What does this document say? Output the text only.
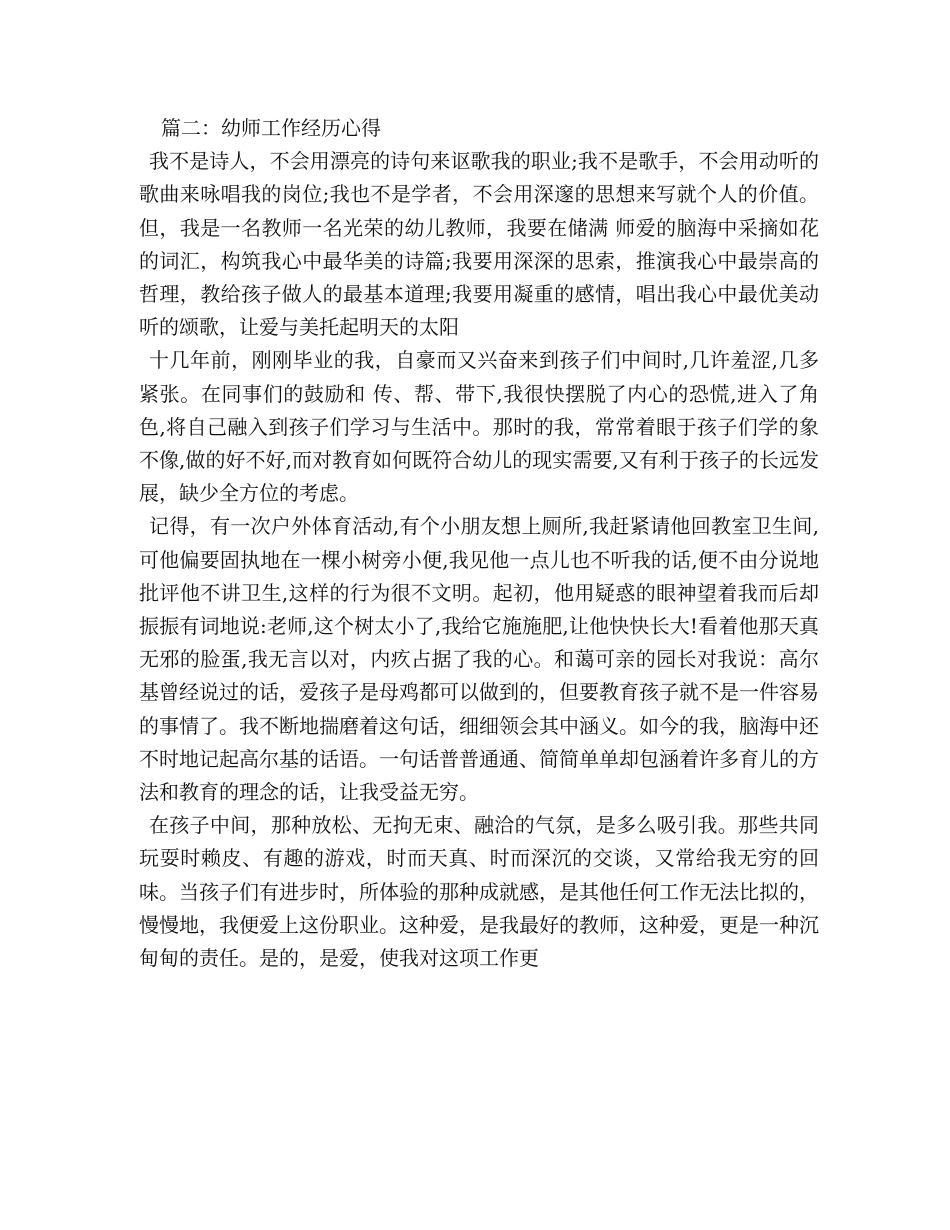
篇二：幼师工作经历心得

我不是诗人，不会用漂亮的诗句来讴歌我的职业;我不是歌手，不会用动听的歌曲来咏唱我的岗位;我也不是学者，不会用深邃的思想来写就个人的价值。但，我是一名教师一名光荣的幼儿教师，我要在储满 师爱的脑海中采摘如花的词汇，构筑我心中最华美的诗篇;我要用深深的思索，推演我心中最崇高的哲理，教给孩子做人的最基本道理;我要用凝重的感情，唱出我心中最优美动听的颂歌，让爱与美托起明天的太阳

十几年前，刚刚毕业的我，自豪而又兴奋来到孩子们中间时,几许羞涩,几多紧张。在同事们的鼓励和 传、帮、带下,我很快摆脱了内心的恐慌,进入了角色,将自己融入到孩子们学习与生活中。那时的我，常常着眼于孩子们学的象不像,做的好不好,而对教育如何既符合幼儿的现实需要,又有利于孩子的长远发展，缺少全方位的考虑。

记得，有一次户外体育活动,有个小朋友想上厕所,我赶紧请他回教室卫生间,可他偏要固执地在一棵小树旁小便,我见他一点儿也不听我的话,便不由分说地批评他不讲卫生,这样的行为很不文明。起初，他用疑惑的眼神望着我而后却振振有词地说:老师,这个树太小了,我给它施施肥,让他快快长大!看着他那天真无邪的脸蛋,我无言以对，内疚占据了我的心。和蔼可亲的园长对我说：高尔基曾经说过的话，爱孩子是母鸡都可以做到的，但要教育孩子就不是一件容易的事情了。我不断地揣磨着这句话，细细领会其中涵义。如今的我，脑海中还不时地记起高尔基的话语。一句话普普通通、简简单单却包涵着许多育儿的方法和教育的理念的话，让我受益无穷。

在孩子中间，那种放松、无拘无束、融洽的气氛，是多么吸引我。那些共同玩耍时赖皮、有趣的游戏，时而天真、时而深沉的交谈，又常给我无穷的回味。当孩子们有进步时，所体验的那种成就感，是其他任何工作无法比拟的，慢慢地，我便爱上这份职业。这种爱，是我最好的教师，这种爱，更是一种沉甸甸的责任。是的，是爱，使我对这项工作更
